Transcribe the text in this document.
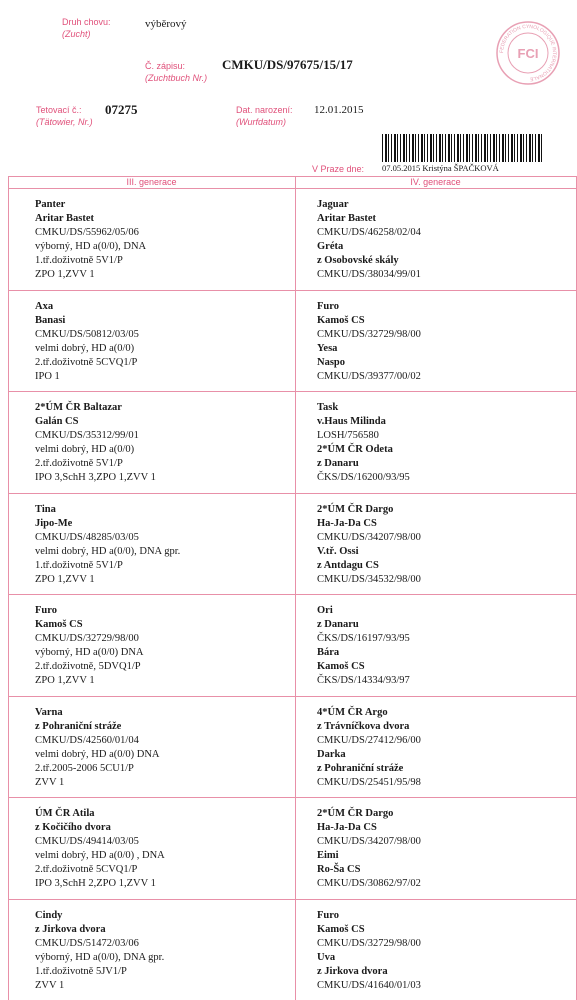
Druh chovu:
(Zucht)
výběrový
Č. zápisu:
(Zuchtbuch Nr.)
CMKU/DS/97675/15/17
Tetovací č.:
(Tätowier, Nr.)
07275	Dat. narození:
(Wurfdatum)
12.01.2015
V Praze dne: 07.05.2015 Kristýna ŠPAČKOVÁ
FEDERATION CYNOLOGIQUE INTERNATIONALE
FCI
III. generace	IV. generace
Panter
Aritar Bastet
CMKU/DS/55962/05/06
výborný, HD a(0/0), DNA
1.tř.doživotně 5V1/P
ZPO 1,ZVV 1
Jaguar
Aritar Bastet
CMKU/DS/46258/02/04
Gréta
z Osobovské skály
CMKU/DS/38034/99/01
Axa
Banasi
CMKU/DS/50812/03/05
velmi dobrý, HD a(0/0)
2.tř.doživotně 5CVQ1/P
IPO 1
Furo
Kamoš CS
CMKU/DS/32729/98/00
Yesa
Naspo
CMKU/DS/39377/00/02
2*ÚM ČR Baltazar
Galán CS
CMKU/DS/35312/99/01
velmi dobrý, HD a(0/0)
2.tř.doživotně 5V1/P
IPO 3,SchH 3,ZPO 1,ZVV 1
Task
v.Haus Milinda
LOSH/756580
2*ÚM ČR Odeta
z Danaru
ČKS/DS/16200/93/95
Tina
Jipo-Me
CMKU/DS/48285/03/05
velmi dobrý, HD a(0/0), DNA gpr.
1.tř.doživotně 5V1/P
ZPO 1,ZVV 1
2*ÚM ČR Dargo
Ha-Ja-Da CS
CMKU/DS/34207/98/00
V.tř. Ossi
z Antdagu CS
CMKU/DS/34532/98/00
Furo
Kamoš CS
CMKU/DS/32729/98/00
výborný, HD a(0/0) DNA
2.tř.doživotně, 5DVQ1/P
ZPO 1,ZVV 1
Ori
z Danaru
ČKS/DS/16197/93/95
Bára
Kamoš CS
ČKS/DS/14334/93/97
Varna
z Pohraniční stráže
CMKU/DS/42560/01/04
velmi dobrý, HD a(0/0) DNA
2.tř.2005-2006 5CU1/P
ZVV 1
4*ÚM ČR Argo
z Trávníčkova dvora
CMKU/DS/27412/96/00
Darka
z Pohraniční stráže
CMKU/DS/25451/95/98
ÚM ČR Atila
z Kočičího dvora
CMKU/DS/49414/03/05
velmi dobrý, HD a(0/0) , DNA
2.tř.doživotně 5CVQ1/P
IPO 3,SchH 2,ZPO 1,ZVV 1
2*ÚM ČR Dargo
Ha-Ja-Da CS
CMKU/DS/34207/98/00
Eimi
Ro-Ša CS
CMKU/DS/30862/97/02
Cindy
z Jirkova dvora
CMKU/DS/51472/03/06
výborný, HD a(0/0), DNA gpr.
1.tř.doživotně 5JV1/P
ZVV 1
Furo
Kamoš CS
CMKU/DS/32729/98/00
Uva
z Jirkova dvora
CMKU/DS/41640/01/03
